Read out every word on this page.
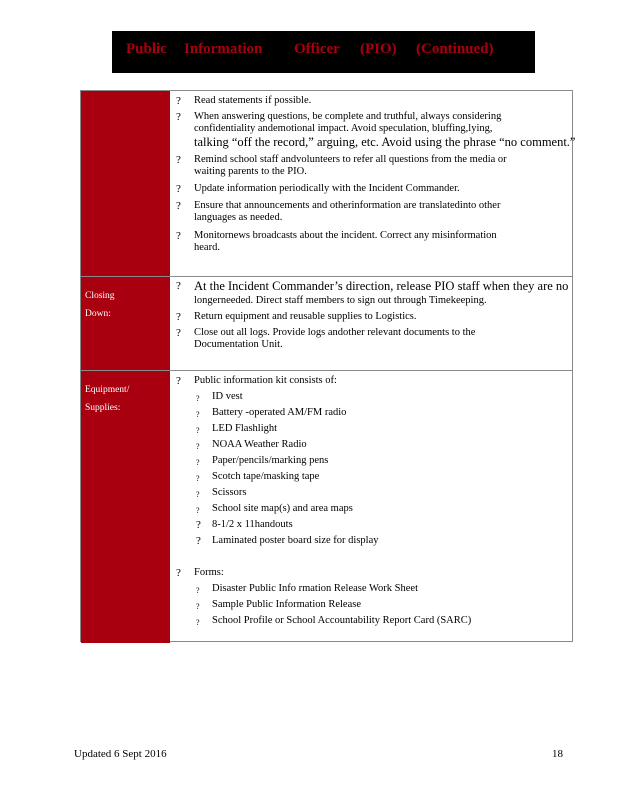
Public Information Officer (PIO) (Continued)
Closing
Down:
Equipment/
Supplies:
? Read statements if possible.
? When answering questions, be complete and truthful, always considering
confidentiality andemotional impact. Avoid speculation, bluffing,lying,
talking “off the record,” arguing, etc. Avoid using the phrase “no comment.”
? Remind school staff andvolunteers to refer all questions from the media or
waiting parents to the PIO.
? Update information periodically with the Incident Commander.
? Ensure that announcements and otherinformation are translatedinto other
languages as needed.
? Monitornews broadcasts about the incident. Correct any misinformation
heard.
? At the Incident Commander’s direction, release PIO staff when they are no
longerneeded. Direct staff members to sign out through Timekeeping.
? Return equipment and reusable supplies to Logistics.
? Close out all logs. Provide logs andother relevant documents to the
Documentation Unit.
? Public information kit consists of:
? ID vest
? Battery -operated AM/FM radio
? LED Flashlight
? NOAA Weather Radio
? Paper/pencils/marking pens
? Scotch tape/masking tape
? Scissors
? School site map(s) and area maps
? 8-1/2 x 11handouts
? Laminated poster board size for display
? Forms:
? Disaster Public Info rmation Release Work Sheet
? Sample Public Information Release
? School Profile or School Accountability Report Card (SARC)
Updated 6 Sept 2016	18
